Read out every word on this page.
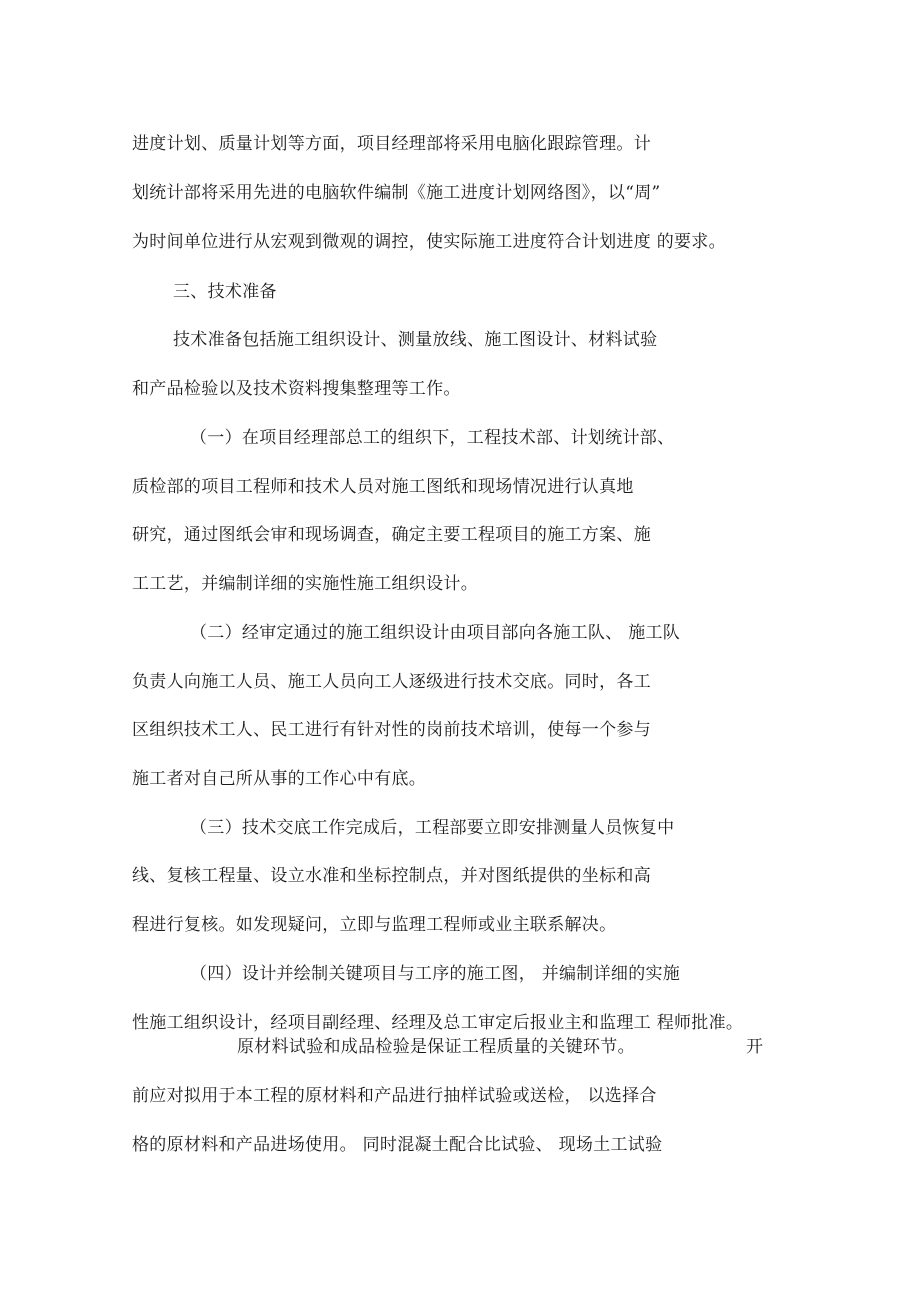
进度计划、质量计划等方面，项目经理部将采用电脑化跟踪管理。计

划统计部将采用先进的电脑软件编制《施工进度计划网络图》，以“周”

为时间单位进行从宏观到微观的调控，使实际施工进度符合计划进度 的要求。

三、技术准备

技术准备包括施工组织设计、测量放线、施工图设计、材料试验

和产品检验以及技术资料搜集整理等工作。

（一）在项目经理部总工的组织下，工程技术部、计划统计部、

质检部的项目工程师和技术人员对施工图纸和现场情况进行认真地

研究，通过图纸会审和现场调查，确定主要工程项目的施工方案、施

工工艺，并编制详细的实施性施工组织设计。

（二）经审定通过的施工组织设计由项目部向各施工队、 施工队

负责人向施工人员、施工人员向工人逐级进行技术交底。同时，各工

区组织技术工人、民工进行有针对性的岗前技术培训，使每一个参与

施工者对自己所从事的工作心中有底。

（三）技术交底工作完成后，工程部要立即安排测量人员恢复中

线、复核工程量、设立水准和坐标控制点，并对图纸提供的坐标和高

程进行复核。如发现疑问，立即与监理工程师或业主联系解决。

（四）设计并绘制关键项目与工序的施工图， 并编制详细的实施

性施工组织设计，经项目副经理、经理及总工审定后报业主和监理工 程师批准。

原材料试验和成品检验是保证工程质量的关键环节。	开

前应对拟用于本工程的原材料和产品进行抽样试验或送检， 以选择合

格的原材料和产品进场使用。 同时混凝土配合比试验、 现场土工试验
